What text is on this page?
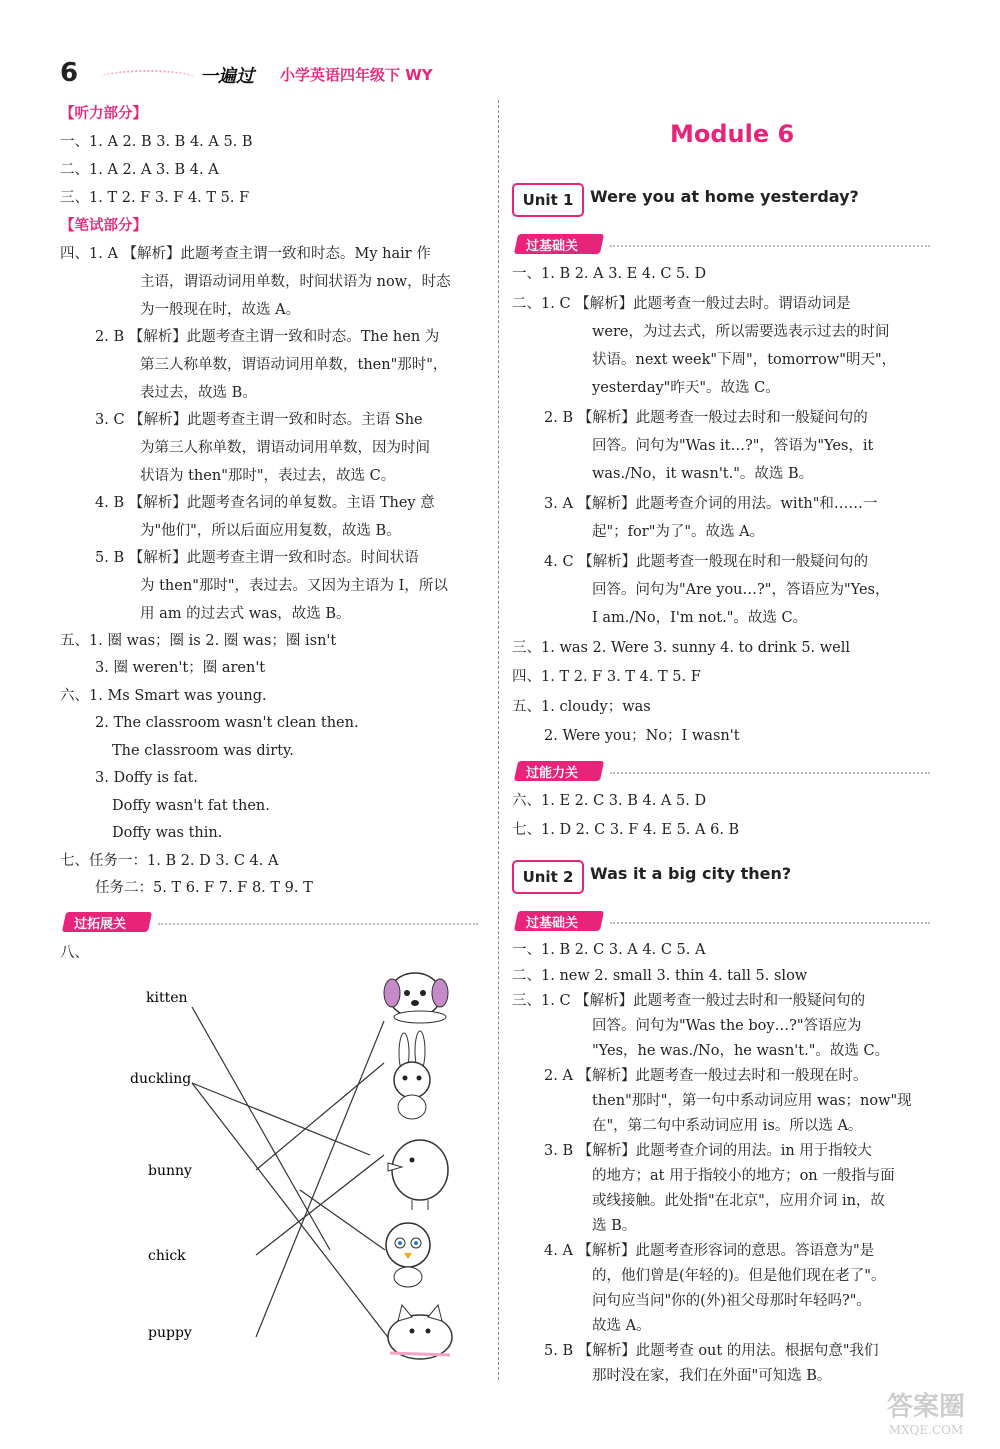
6	一遍过 小学英语四年级下 WY
【听力部分】
一、1. A 2. B 3. B 4. A 5. B
二、1. A 2. A 3. B 4. A
三、1. T 2. F 3. F 4. T 5. F
【笔试部分】
四、1. A 【解析】此题考查主谓一致和时态。My hair 作
主语，谓语动词用单数，时间状语为 now，时态
为一般现在时，故选 A。
2. B 【解析】此题考查主谓一致和时态。The hen 为
第三人称单数，谓语动词用单数，then"那时"，
表过去，故选 B。
3. C 【解析】此题考查主谓一致和时态。主语 She
为第三人称单数，谓语动词用单数，因为时间
状语为 then"那时"，表过去，故选 C。
4. B 【解析】此题考查名词的单复数。主语 They 意
为"他们"，所以后面应用复数，故选 B。
5. B 【解析】此题考查主谓一致和时态。时间状语
为 then"那时"，表过去。又因为主语为 I，所以
用 am 的过去式 was，故选 B。
五、1. 圈 was；圈 is 2. 圈 was；圈 isn't
3. 圈 weren't；圈 aren't
六、1. Ms Smart was young.
2. The classroom wasn't clean then.
The classroom was dirty.
3. Doffy is fat.
Doffy wasn't fat then.
Doffy was thin.
七、任务一：1. B 2. D 3. C 4. A
任务二：5. T 6. F 7. F 8. T 9. T
过拓展关
八、
kitten
duckling
bunny
chick
puppy
Module 6
Unit 1	Were you at home yesterday?
过基础关
一、1. B 2. A 3. E 4. C 5. D
二、1. C 【解析】此题考查一般过去时。谓语动词是
were，为过去式，所以需要选表示过去的时间
状语。next week"下周"，tomorrow"明天"，
yesterday"昨天"。故选 C。
2. B 【解析】此题考查一般过去时和一般疑问句的
回答。问句为"Was it…?"，答语为"Yes，it
was./No，it wasn't."。故选 B。
3. A 【解析】此题考查介词的用法。with"和……一
起"；for"为了"。故选 A。
4. C 【解析】此题考查一般现在时和一般疑问句的
回答。问句为"Are you…?"，答语应为"Yes，
I am./No，I'm not."。故选 C。
三、1. was 2. Were 3. sunny 4. to drink 5. well
四、1. T 2. F 3. T 4. T 5. F
五、1. cloudy；was
2. Were you；No；I wasn't
过能力关
六、1. E 2. C 3. B 4. A 5. D
七、1. D 2. C 3. F 4. E 5. A 6. B
Unit 2	Was it a big city then?
过基础关
一、1. B 2. C 3. A 4. C 5. A
二、1. new 2. small 3. thin 4. tall 5. slow
三、1. C 【解析】此题考查一般过去时和一般疑问句的
回答。问句为"Was the boy…?"答语应为
"Yes，he was./No，he wasn't."。故选 C。
2. A 【解析】此题考查一般过去时和一般现在时。
then"那时"，第一句中系动词应用 was；now"现
在"，第二句中系动词应用 is。所以选 A。
3. B 【解析】此题考查介词的用法。in 用于指较大
的地方；at 用于指较小的地方；on 一般指与面
或线接触。此处指"在北京"，应用介词 in，故
选 B。
4. A 【解析】此题考查形容词的意思。答语意为"是
的，他们曾是(年轻的)。但是他们现在老了"。
问句应当问"你的(外)祖父母那时年轻吗?"。
故选 A。
5. B 【解析】此题考查 out 的用法。根据句意"我们
那时没在家，我们在外面"可知选 B。
答案圈
MXQE.COM
